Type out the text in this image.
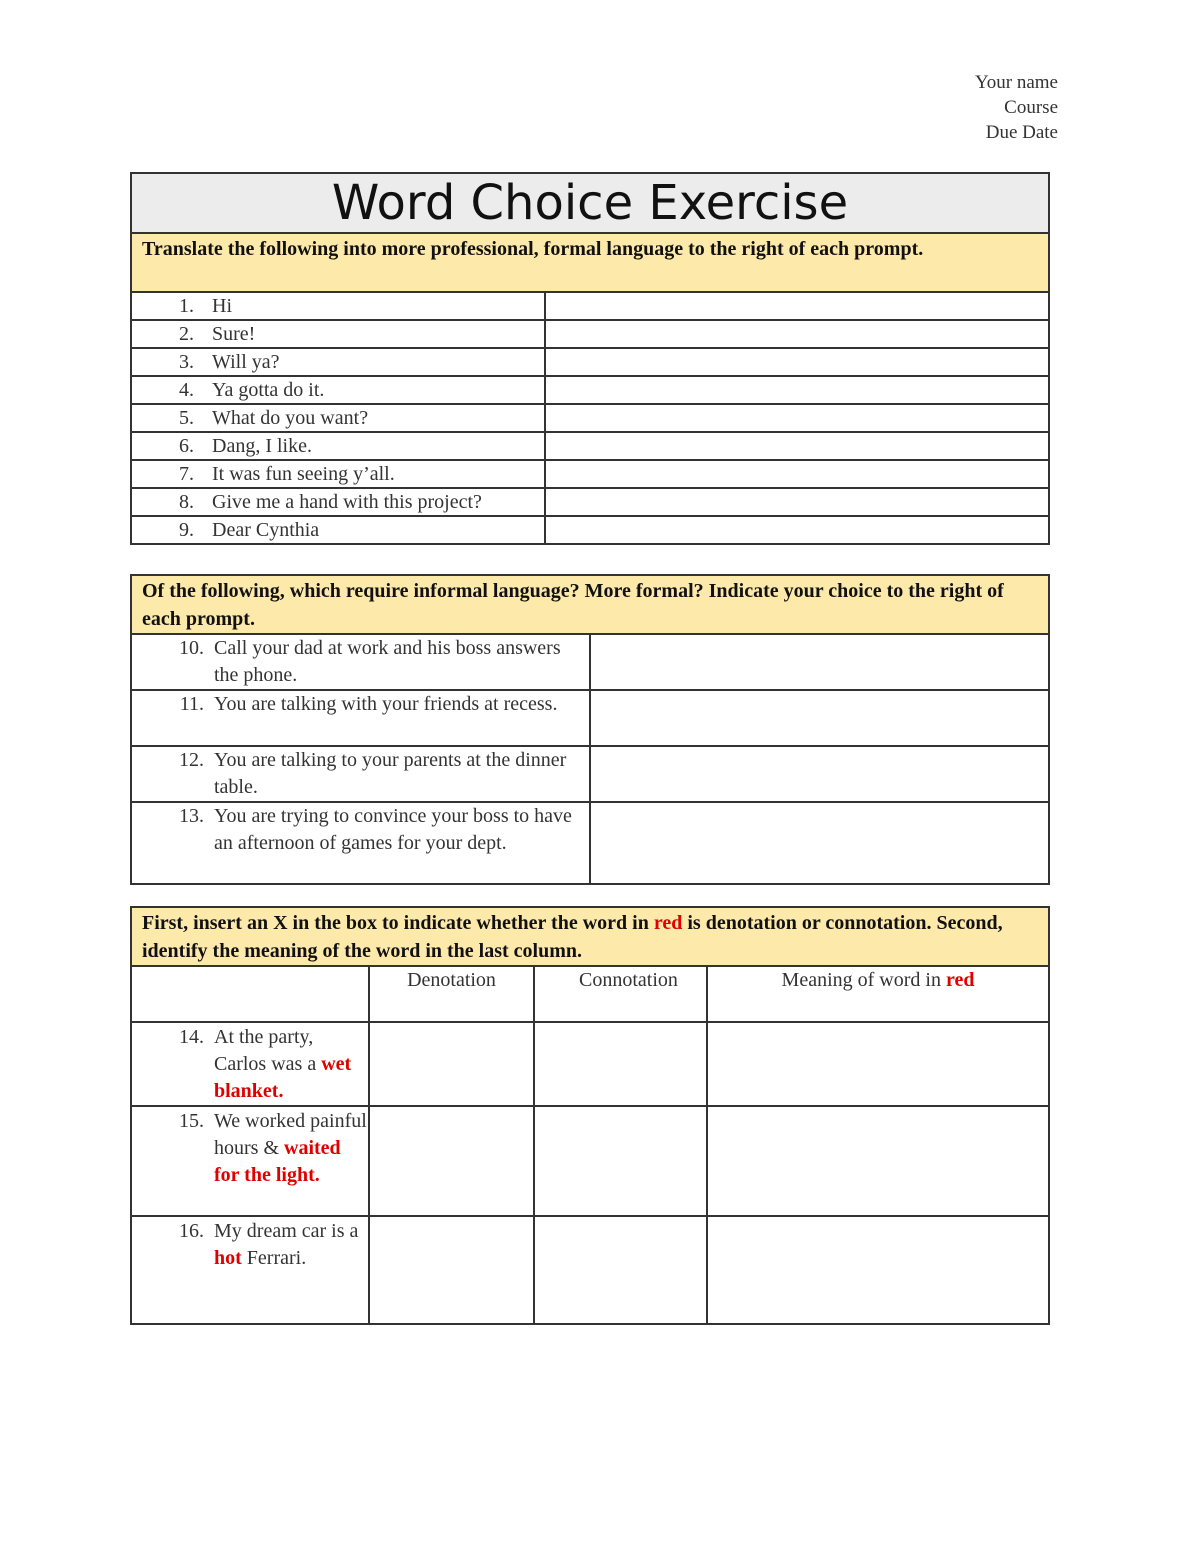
Your name
Course
Due Date
Word Choice Exercise	
Translate the following into more professional, formal language to the right of each prompt.	
1. Hi	
2. Sure!	
3. Will ya?	
4. Ya gotta do it.	
5. What do you want?	
6. Dang, I like.	
7. It was fun seeing y’all.	
8. Give me a hand with this project?	
9. Dear Cynthia	
Of the following, which require informal language? More formal? Indicate your choice to the right of each prompt.	

10. Call your dad at work and his boss answers the phone.	

11. You are talking with your friends at recess.	

12. You are talking to your parents at the dinner table.	

13. You are trying to convince your boss to have an afternoon of games for your dept.	

First, insert an X in the box to indicate whether the word in red is denotation or connotation. Second, identify the meaning of the word in the last column.			
	Denotation	Connotation	Meaning of word in red

14. At the party, Carlos was a wet blanket.			

15. We worked painful hours & waited for the light.			

16. My dream car is a hot Ferrari.			
